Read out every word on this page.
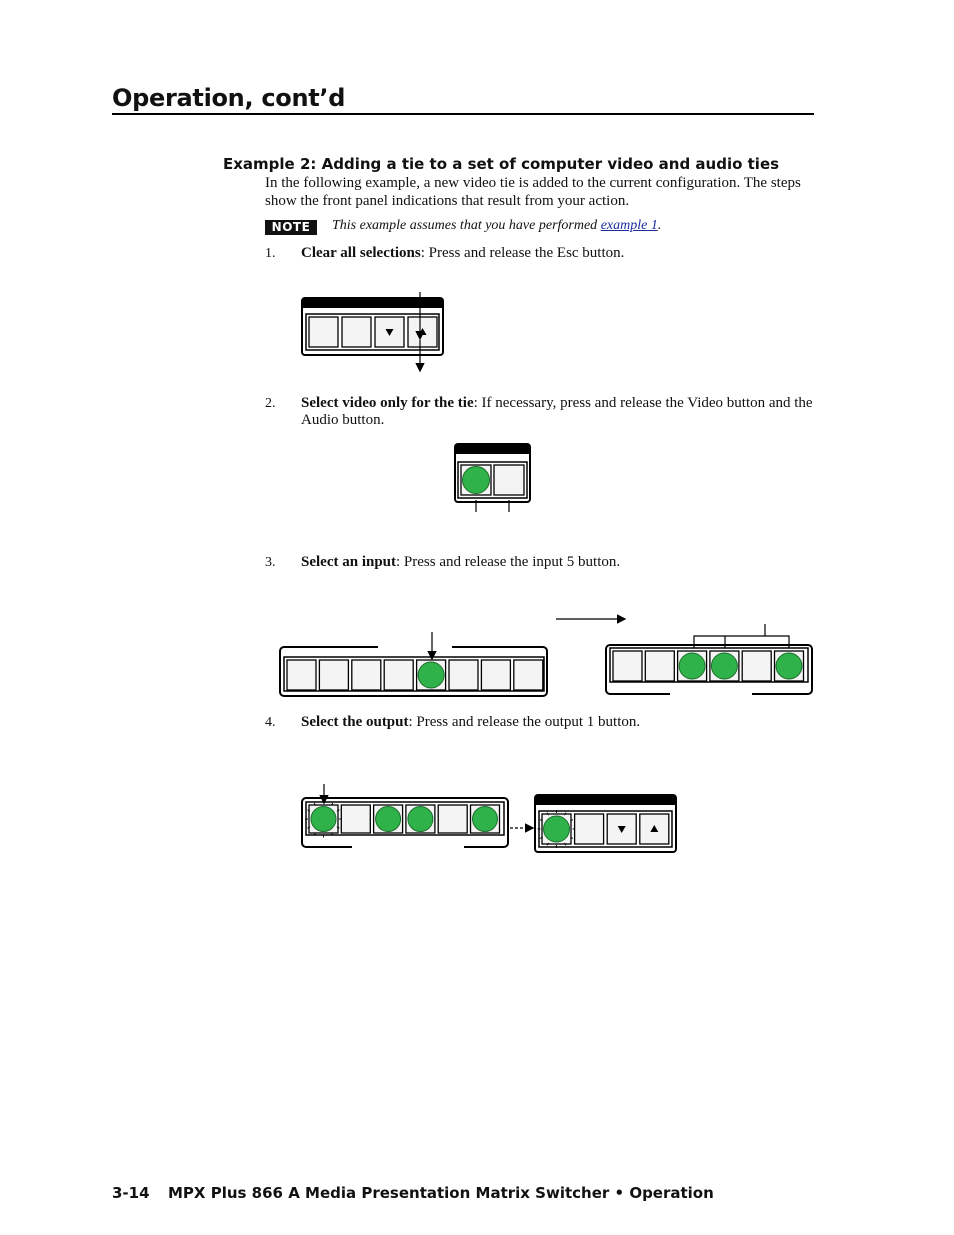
Operation, cont’d
Example 2: Adding a tie to a set of computer video and audio ties
In the following example, a new video tie is added to the current configuration. The steps show the front panel indications that result from your action.
NOTE	This example assumes that you have performed example 1.
1. Clear all selections: Press and release the Esc button.
2. Select video only for the tie: If necessary, press and release the Video button and the Audio button.
3. Select an input: Press and release the input 5 button.
4. Select the output: Press and release the output 1 button.
3-14 MPX Plus 866 A Media Presentation Matrix Switcher • Operation
